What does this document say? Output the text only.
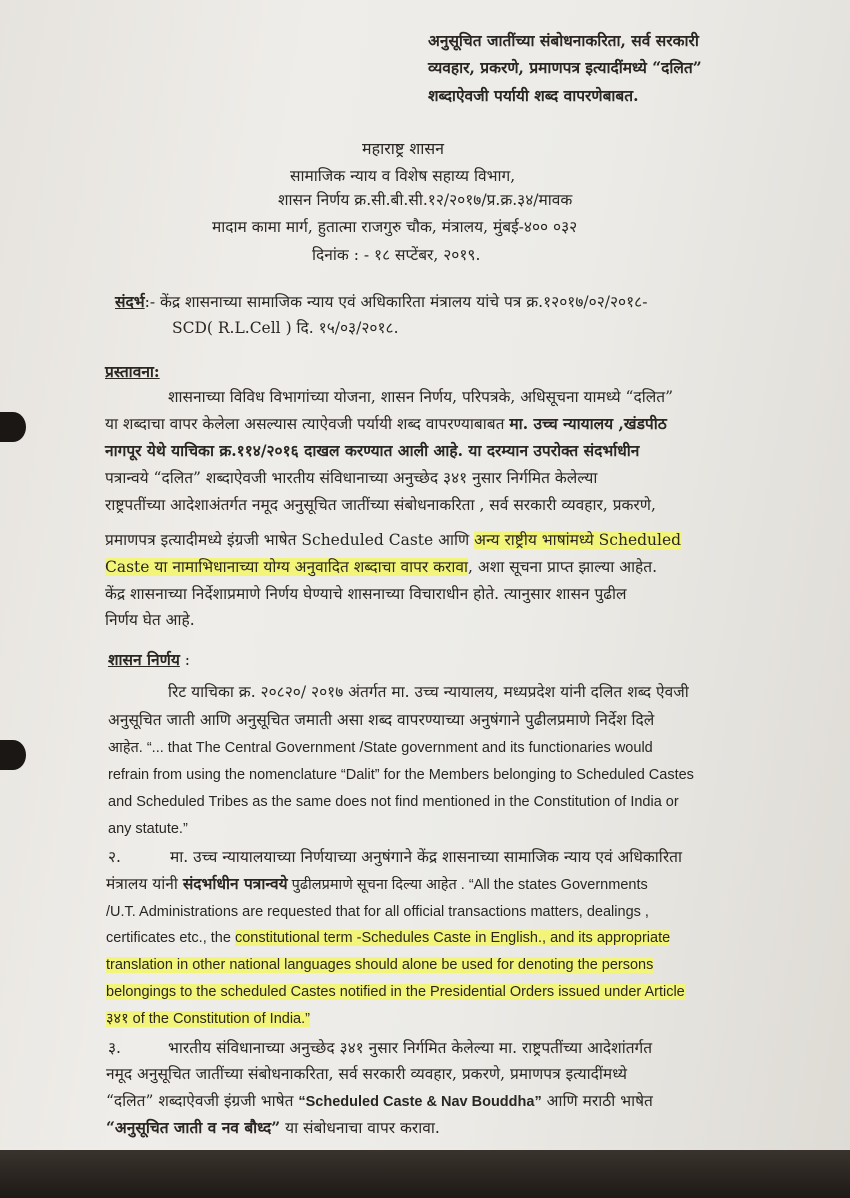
अनुसूचित जातींच्या संबोधनाकरिता, सर्व सरकारी
व्यवहार, प्रकरणे, प्रमाणपत्र इत्यादींमध्ये “दलित”
शब्दाऐवजी पर्यायी शब्द वापरणेबाबत.
महाराष्ट्र शासन
सामाजिक न्याय व विशेष सहाय्य विभाग,
शासन निर्णय क्र.सी.बी.सी.१२/२०१७/प्र.क्र.३४/मावक
मादाम कामा मार्ग, हुतात्मा राजगुरु चौक, मंत्रालय, मुंबई-४०० ०३२
दिनांक : - १८ सप्टेंबर, २०१९.
संदर्भ:- केंद्र शासनाच्या सामाजिक न्याय एवं अधिकारिता मंत्रालय यांचे पत्र क्र.१२०१७/०२/२०१८-
SCD( R.L.Cell ) दि. १५/०३/२०१८.
प्रस्तावना:
शासनाच्या विविध विभागांच्या योजना, शासन निर्णय, परिपत्रके, अधिसूचना यामध्ये “दलित”
या शब्दाचा वापर केलेला असल्यास त्याऐवजी पर्यायी शब्द वापरण्याबाबत मा. उच्च न्यायालय ,खंडपीठ
नागपूर येथे याचिका क्र.११४/२०१६ दाखल करण्यात आली आहे. या दरम्यान उपरोक्त संदर्भाधीन
पत्रान्वये “दलित” शब्दाऐवजी भारतीय संविधानाच्या अनुच्छेद ३४१ नुसार निर्गमित केलेल्या
राष्ट्रपतींच्या आदेशाअंतर्गत नमूद अनुसूचित जातींच्या संबोधनाकरिता , सर्व सरकारी व्यवहार, प्रकरणे,
प्रमाणपत्र इत्यादीमध्ये इंग्रजी भाषेत Scheduled Caste आणि अन्य राष्ट्रीय भाषांमध्ये Scheduled
Caste या नामाभिधानाच्या योग्य अनुवादित शब्दाचा वापर करावा, अशा सूचना प्राप्त झाल्या आहेत.
केंद्र शासनाच्या निर्देशाप्रमाणे निर्णय घेण्याचे शासनाच्या विचाराधीन होते. त्यानुसार शासन पुढील
निर्णय घेत आहे.
शासन निर्णय :
रिट याचिका क्र. २०८२०/ २०१७ अंतर्गत मा. उच्च न्यायालय, मध्यप्रदेश यांनी दलित शब्द ऐवजी
अनुसूचित जाती आणि अनुसूचित जमाती असा शब्द वापरण्याच्या अनुषंगाने पुढीलप्रमाणे निर्देश दिले
आहेत. “... that The Central Government /State government and its functionaries would
refrain from using the nomenclature “Dalit” for the Members belonging to Scheduled Castes
and Scheduled Tribes as the same does not find mentioned in the Constitution of India or
any statute.”
२.	मा. उच्च न्यायालयाच्या निर्णयाच्या अनुषंगाने केंद्र शासनाच्या सामाजिक न्याय एवं अधिकारिता
मंत्रालय यांनी संदर्भाधीन पत्रान्वये पुढीलप्रमाणे सूचना दिल्या आहेत . “All the states Governments
/U.T. Administrations are requested that for all official transactions matters, dealings ,
certificates etc., the constitutional term -Schedules Caste in English., and its appropriate
translation in other national languages should alone be used for denoting the persons
belongings to the scheduled Castes notified in the Presidential Orders issued under Article
३४१ of the Constitution of India.”
३.	भारतीय संविधानाच्या अनुच्छेद ३४१ नुसार निर्गमित केलेल्या मा. राष्ट्रपतींच्या आदेशांतर्गत
नमूद अनुसूचित जातींच्या संबोधनाकरिता, सर्व सरकारी व्यवहार, प्रकरणे, प्रमाणपत्र इत्यादींमध्ये
“दलित” शब्दाऐवजी इंग्रजी भाषेत “Scheduled Caste & Nav Bouddha” आणि मराठी भाषेत
“अनुसूचित जाती व नव बौध्द” या संबोधनाचा वापर करावा.
